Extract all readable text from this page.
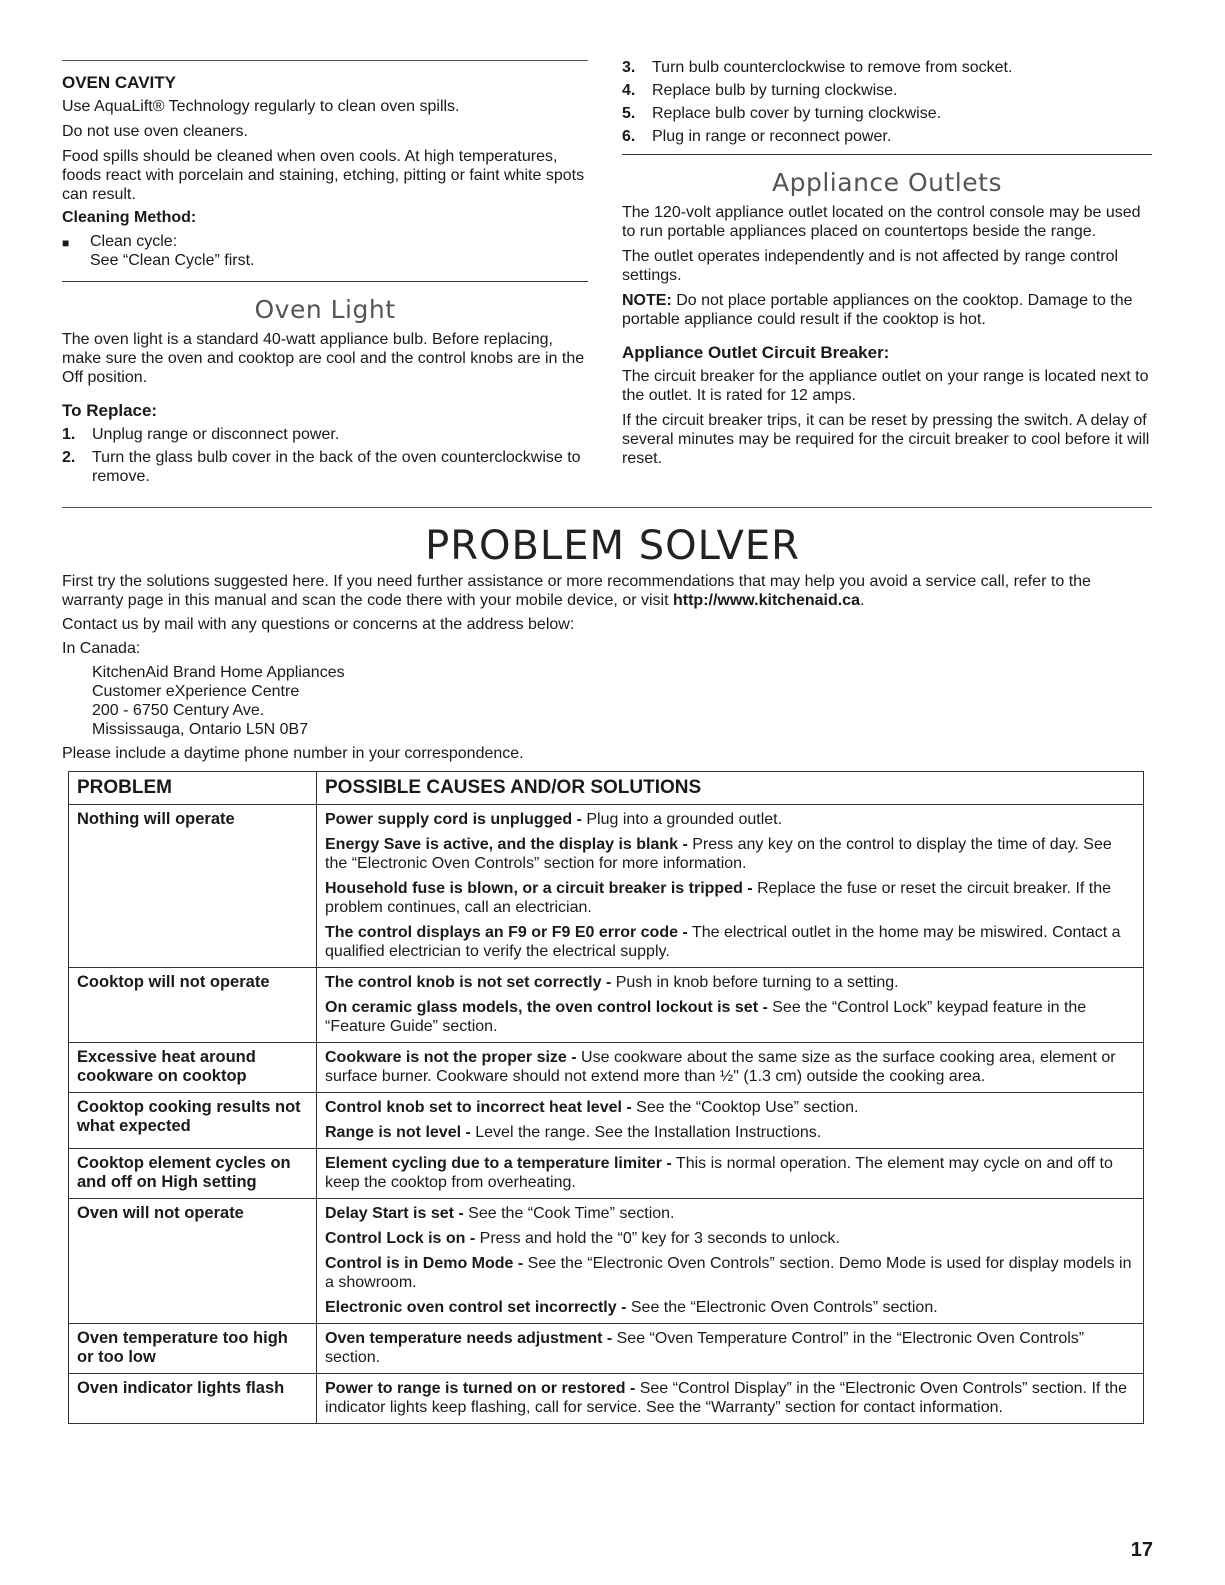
OVEN CAVITY

Use AquaLift® Technology regularly to clean oven spills.

Do not use oven cleaners.

Food spills should be cleaned when oven cools. At high temperatures, foods react with porcelain and staining, etching, pitting or faint white spots can result.

Cleaning Method:

■	Clean cycle:
See “Clean Cycle” first.
Oven Light

The oven light is a standard 40-watt appliance bulb. Before replacing, make sure the oven and cooktop are cool and the control knobs are in the Off position.

To Replace:
1.	Unplug range or disconnect power.
2.	Turn the glass bulb cover in the back of the oven counterclockwise to remove.
3.	Turn bulb counterclockwise to remove from socket.
4.	Replace bulb by turning clockwise.
5.	Replace bulb cover by turning clockwise.
6.	Plug in range or reconnect power.
Appliance Outlets

The 120-volt appliance outlet located on the control console may be used to run portable appliances placed on countertops beside the range.

The outlet operates independently and is not affected by range control settings.

NOTE: Do not place portable appliances on the cooktop. Damage to the portable appliance could result if the cooktop is hot.

Appliance Outlet Circuit Breaker:

The circuit breaker for the appliance outlet on your range is located next to the outlet. It is rated for 12 amps.

If the circuit breaker trips, it can be reset by pressing the switch. A delay of several minutes may be required for the circuit breaker to cool before it will reset.

PROBLEM SOLVER

First try the solutions suggested here. If you need further assistance or more recommendations that may help you avoid a service call, refer to the warranty page in this manual and scan the code there with your mobile device, or visit http://www.kitchenaid.ca.

Contact us by mail with any questions or concerns at the address below:

In Canada:

KitchenAid Brand Home Appliances
Customer eXperience Centre
200 - 6750 Century Ave.
Mississauga, Ontario L5N 0B7

Please include a daytime phone number in your correspondence.

PROBLEM	POSSIBLE CAUSES AND/OR SOLUTIONS
Nothing will operate	Power supply cord is unplugged - Plug into a grounded outlet.

Energy Save is active, and the display is blank - Press any key on the control to display the time of day. See the “Electronic Oven Controls” section for more information.

Household fuse is blown, or a circuit breaker is tripped - Replace the fuse or reset the circuit breaker. If the problem continues, call an electrician.

The control displays an F9 or F9 E0 error code - The electrical outlet in the home may be miswired. Contact a qualified electrician to verify the electrical supply.

Cooktop will not operate	The control knob is not set correctly - Push in knob before turning to a setting.

On ceramic glass models, the oven control lockout is set - See the “Control Lock” keypad feature in the “Feature Guide” section.

Excessive heat around cookware on cooktop	Cookware is not the proper size - Use cookware about the same size as the surface cooking area, element or surface burner. Cookware should not extend more than ½" (1.3 cm) outside the cooking area.

Cooktop cooking results not what expected	Control knob set to incorrect heat level - See the “Cooktop Use” section.

Range is not level - Level the range. See the Installation Instructions.

Cooktop element cycles on and off on High setting	Element cycling due to a temperature limiter - This is normal operation. The element may cycle on and off to keep the cooktop from overheating.

Oven will not operate	Delay Start is set - See the “Cook Time” section.

Control Lock is on - Press and hold the “0” key for 3 seconds to unlock.

Control is in Demo Mode - See the “Electronic Oven Controls” section. Demo Mode is used for display models in a showroom.

Electronic oven control set incorrectly - See the “Electronic Oven Controls” section.

Oven temperature too high or too low	Oven temperature needs adjustment - See “Oven Temperature Control” in the “Electronic Oven Controls” section.

Oven indicator lights flash	Power to range is turned on or restored - See “Control Display” in the “Electronic Oven Controls” section. If the indicator lights keep flashing, call for service. See the “Warranty” section for contact information.

17
